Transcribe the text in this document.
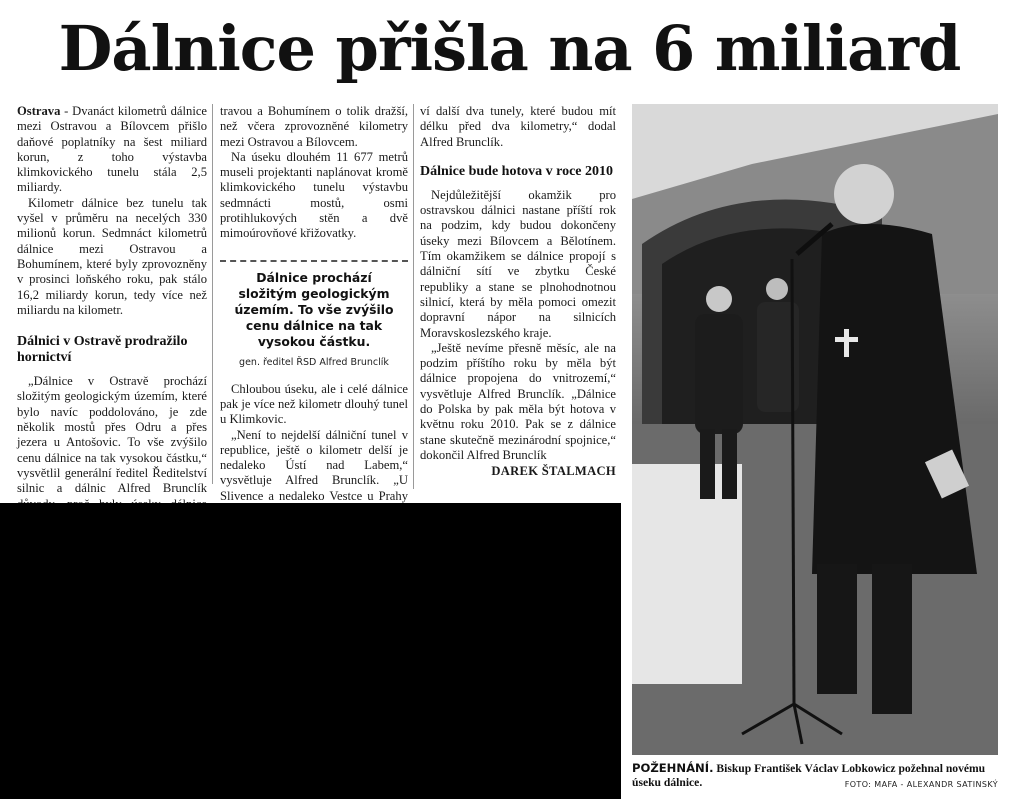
Dálnice přišla na 6 miliard

Ostrava - Dvanáct kilometrů dálnice mezi Ostravou a Bílovcem přišlo daňové poplatníky na šest miliard korun, z toho výstavba klimkovického tunelu stála 2,5 miliardy.

Kilometr dálnice bez tunelu tak vyšel v průměru na necelých 330 milionů korun. Sedmnáct kilometrů dálnice mezi Ostravou a Bohumínem, které byly zprovozněny v prosinci loňského roku, pak stálo 16,2 miliardy korun, tedy více než miliardu na kilometr.

Dálnici v Ostravě prodražilo hornictví

„Dálnice v Ostravě prochází složitým geologickým územím, které bylo navíc poddolováno, je zde několik mostů přes Odru a přes jezera u Antošovic. To vše zvýšilo cenu dálnice na tak vysokou částku,“ vysvětlil generální ředitel Ředitelství silnic a dálnic Alfred Brunclík

travou a Bohumínem o tolik dražší, než včera zprovozněné kilometry mezi Ostravou a Bílovcem.

Na úseku dlouhém 11 677 metrů museli projektanti naplánovat kromě klimkovického tunelu výstavbu sedmnácti mostů, osmi protihlukových stěn a dvě mimoúrovňové křižovatky.

Dálnice prochází složitým geologickým územím. To vše zvýšilo cenu dálnice na tak vysokou částku.
gen. ředitel ŘSD Alfred Brunclík

Chloubou úseku, ale i celé dálnice pak je více než kilometr dlouhý tunel u Klimkovic.

„Není to nejdelší dálniční tunel v republice, ještě o kilometr delší je nedaleko Ústí nad Labem,“ vysvětluje Alfred Brunclík. „U Slivence a nedaleko Vestce u Prahy

ví další dva tunely, které budou mít délku před dva kilometry,“ dodal Alfred Brunclík.

Dálnice bude hotova v roce 2010

Nejdůležitější okamžik pro ostravskou dálnici nastane příští rok na podzim, kdy budou dokončeny úseky mezi Bílovcem a Bělotínem. Tím okamžikem se dálnice propojí s dálniční sítí ve zbytku České republiky a stane se plnohodnotnou silnicí, která by měla pomoci omezit dopravní nápor na silnicích Moravskoslezského kraje.

„Ještě nevíme přesně měsíc, ale na podzim příštího roku by měla být dálnice propojena do vnitrozemí,“ vysvětluje Alfred Brunclík. „Dálnice do Polska by pak měla být hotova v květnu roku 2010. Pak se z dálnice stane skutečně mezinárodní spojnice,“ dokončil Alfred Brunclík

DAREK ŠTALMACH
POŽEHNÁNÍ. Biskup František Václav Lobkowicz požehnal novému úseku dálnice.	FOTO: MAFA - ALEXANDR SATINSKÝ
